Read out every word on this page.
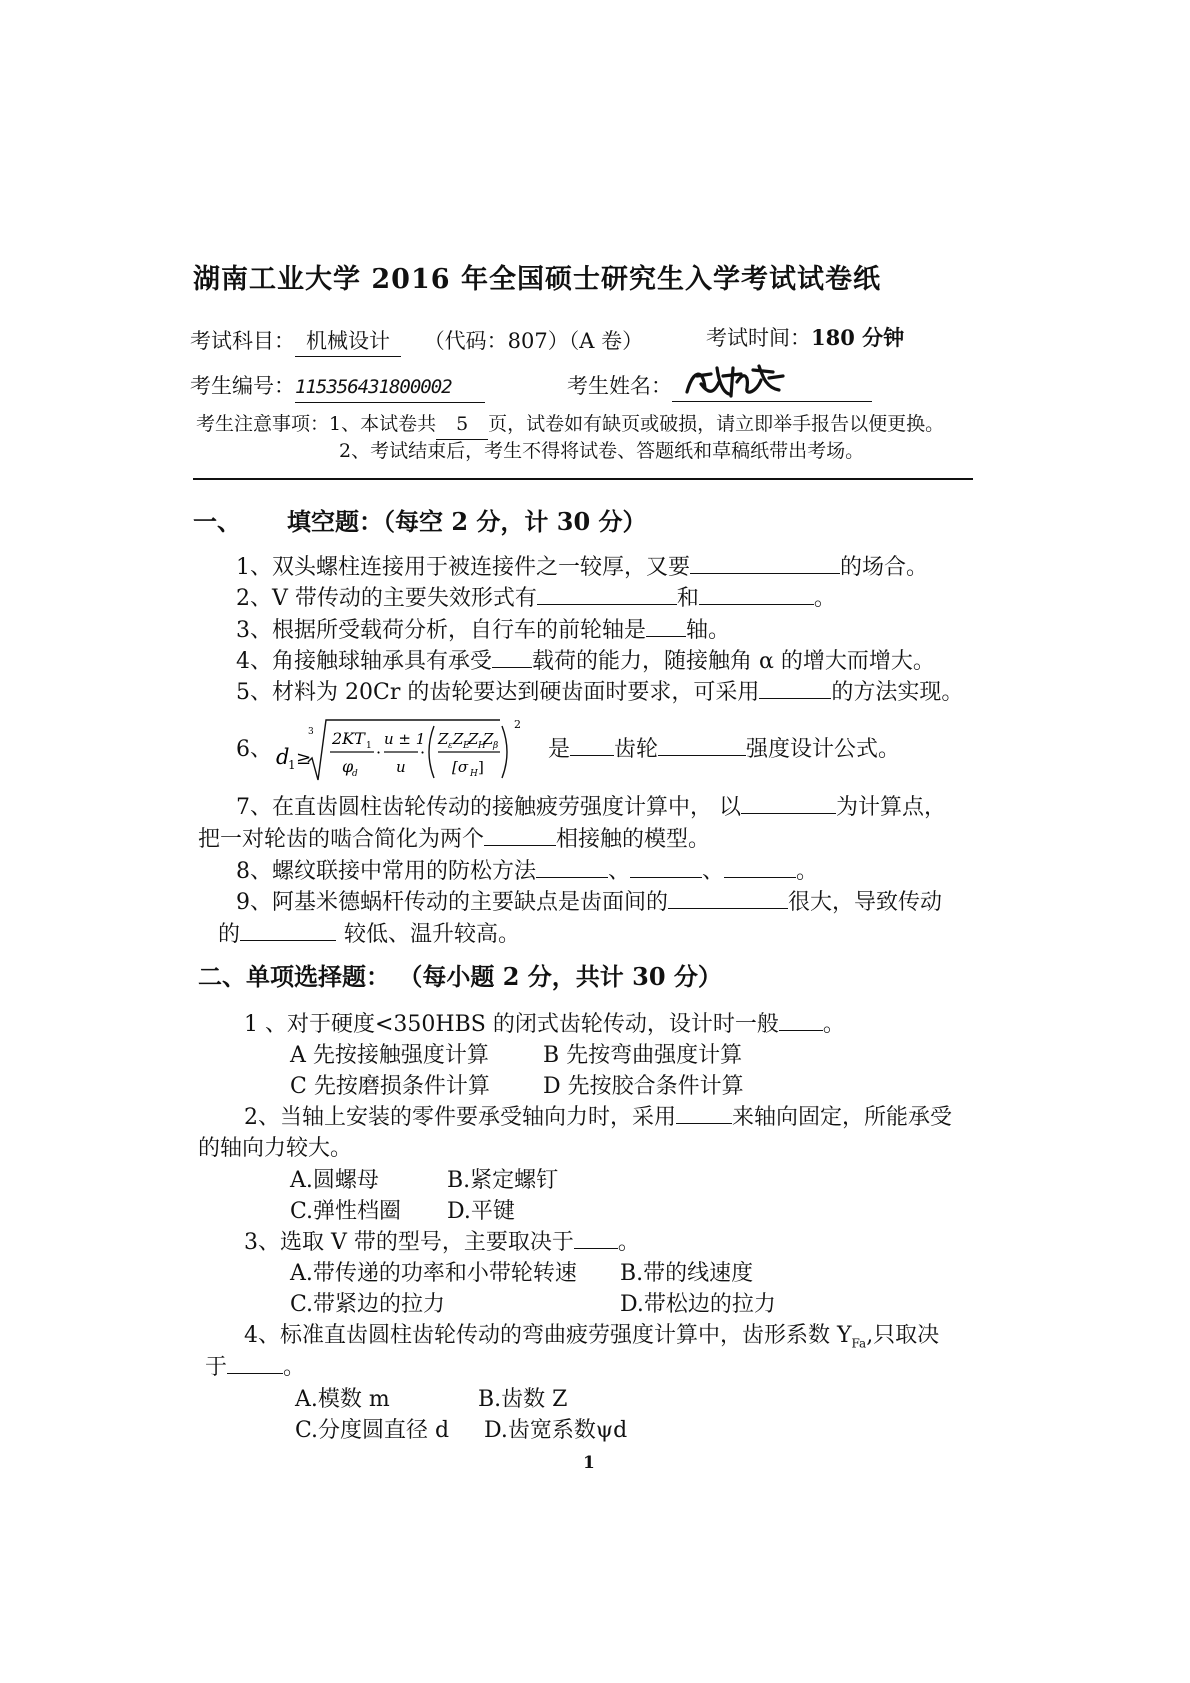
湖南工业大学 2016 年全国硕士研究生入学考试试卷纸
考试科目： 机械设计 （代码：807）（A 卷）	考试时间：180 分钟
考生编号：115356431800002	考生姓名：
考生注意事项：1、本试卷共 5 页，试卷如有缺页或破损，请立即举手报告以便更换。
2、考试结束后，考生不得将试卷、答题纸和草稿纸带出考场。
一、 填空题：（每空 2 分，计 30 分）
1、双头螺柱连接用于被连接件之一较厚，又要	的场合。
2、V 带传动的主要失效形式有	和	。
3、根据所受载荷分析，自行车的前轮轴是 轴。
4、角接触球轴承具有承受 载荷的能力，随接触角 α 的增大而增大。
5、材料为 20Cr 的齿轮要达到硬齿面时要求，可采用	的方法实现。
6、 d
1 ≥
3 2KT 1
φ
d
·
u ± 1
u
·
Z ε Z E
Z H
Z β
[σ H ]
2
是 齿轮	强度设计公式。
7、在直齿圆柱齿轮传动的接触疲劳强度计算中， 以	为计算点，
把一对轮齿的啮合简化为两个	相接触的模型。
8、螺纹联接中常用的防松方法	、	、	。
9、阿基米德蜗杆传动的主要缺点是齿面间的	很大，导致传动
的	较低、温升较高。
二、单项选择题： （每小题 2 分，共计 30 分）
1 、对于硬度<350HBS 的闭式齿轮传动，设计时一般 。
A 先按接触强度计算 B 先按弯曲强度计算
C 先按磨损条件计算 D 先按胶合条件计算
2、当轴上安装的零件要承受轴向力时，采用	来轴向固定，所能承受
的轴向力较大。
A.圆螺母	B.紧定螺钉
C.弹性档圈 D.平键
3、选取 V 带的型号，主要取决于 。
A.带传递的功率和小带轮转速 B.带的线速度
C.带紧边的拉力	D.带松边的拉力
4、标准直齿圆柱齿轮传动的弯曲疲劳强度计算中，齿形系数 $Y_{Fa}$,只取决
于	。
A.模数 m	B.齿数 Z
C.分度圆直径 d D.齿宽系数ψd
1
